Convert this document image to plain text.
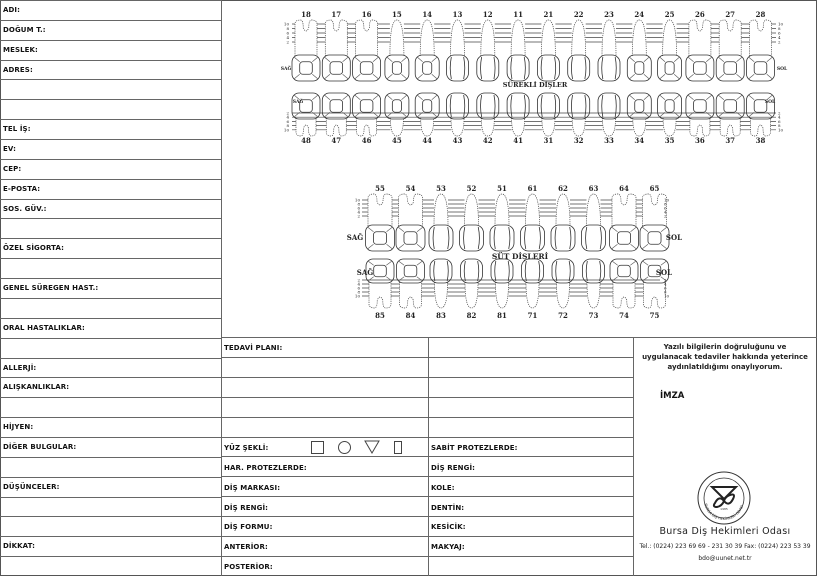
ADI:
DOĞUM T.:
MESLEK:
ADRES:
TEL İŞ:
EV:
CEP:
E-POSTA:
SOS. GÜV.:
ÖZEL SİGORTA:
GENEL SÜREGEN HAST.:
ORAL HASTALIKLAR:
ALLERJİ:
ALIŞKANLIKLAR:
HİJYEN:
DİĞER BULGULAR:
DÜŞÜNCELER:
DİKKAT:
TEDAVİ PLANI:
YÜZ ŞEKLİ:
HAR. PROTEZLERDE:
DİŞ MARKASI:
DİŞ RENGİ:
DİŞ FORMU:
ANTERİOR:
POSTERİOR:
SABİT PROTEZLERDE:
DİŞ RENGİ:
KOLE:
DENTİN:
KESİCİK:
MAKYAJ:
Yazılı bilgilerin doğruluğunu ve
uygulanacak tedaviler hakkında yeterince
aydınlatıldığımı onaylıyorum.
İMZA
1985
BURSA DİŞ HEKİMLERİ ODASI
Bursa Diş Hekimleri Odası
Tel.: (0224) 223 69 69 - 231 30 39 Fax: (0224) 223 53 39
bdo@uunet.net.tr
18	17	16	15	14	13	12	11	21	22	23	24	25	26	27	28
48	47	46	45	44	43	42	41	31	32	33	34	35	36	37	38
10
8
6
4
2
2
4
6
8
10
10
8
6
4
2
2
4
6
8
10
SAĞ	SOL
SAĞ	SOL
SÜREKLİ DİŞLER
55	54	53	52	51	61	62	63	64	65
85	84	83	82	81	71	72	73	74	75
10
8
6
4
2
2
4
6
8
10
10
8
6
4
2
2
4
6
8
10
SAĞ	SOL
SAĞ	SOL
SÜT DİŞLERİ
